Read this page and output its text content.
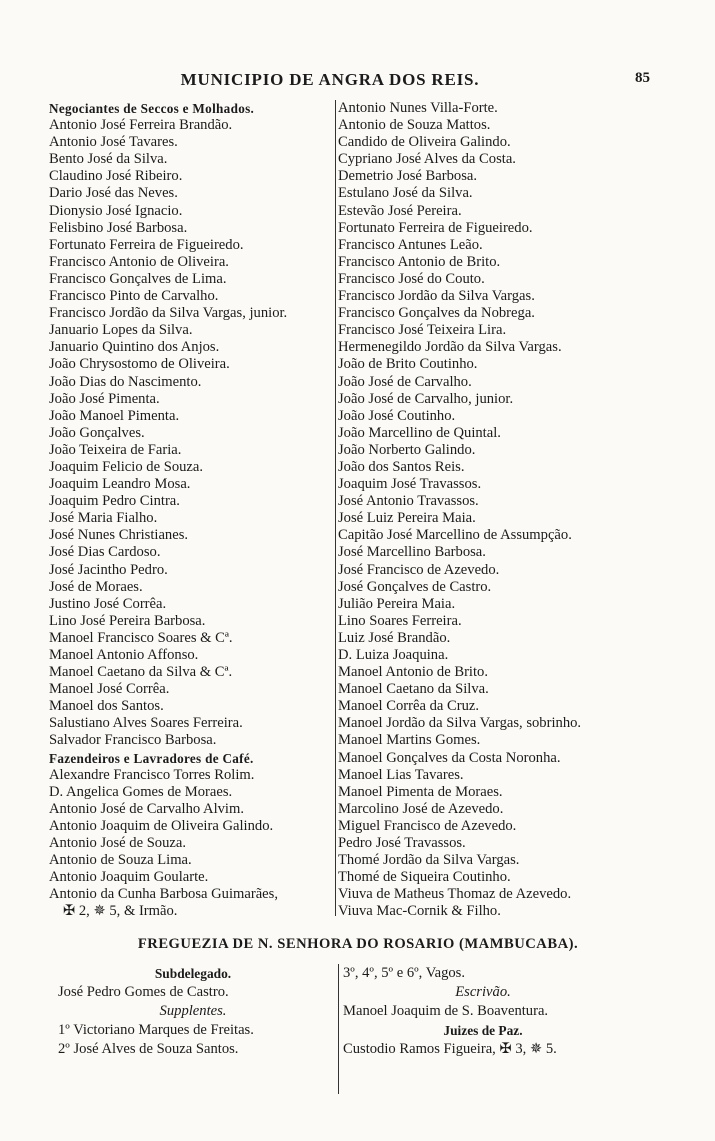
MUNICIPIO DE ANGRA DOS REIS.	85
Negociantes de Seccos e Molhados.
Antonio José Ferreira Brandão.
Antonio José Tavares.
Bento José da Silva.
Claudino José Ribeiro.
Dario José das Neves.
Dionysio José Ignacio.
Felisbino José Barbosa.
Fortunato Ferreira de Figueiredo.
Francisco Antonio de Oliveira.
Francisco Gonçalves de Lima.
Francisco Pinto de Carvalho.
Francisco Jordão da Silva Vargas, junior.
Januario Lopes da Silva.
Januario Quintino dos Anjos.
João Chrysostomo de Oliveira.
João Dias do Nascimento.
João José Pimenta.
João Manoel Pimenta.
João Gonçalves.
João Teixeira de Faria.
Joaquim Felicio de Souza.
Joaquim Leandro Mosa.
Joaquim Pedro Cintra.
José Maria Fialho.
José Nunes Christianes.
José Dias Cardoso.
José Jacintho Pedro.
José de Moraes.
Justino José Corrêa.
Lino José Pereira Barbosa.
Manoel Francisco Soares & Cª.
Manoel Antonio Affonso.
Manoel Caetano da Silva & Cª.
Manoel José Corrêa.
Manoel dos Santos.
Salustiano Alves Soares Ferreira.
Salvador Francisco Barbosa.
Fazendeiros e Lavradores de Café.
Alexandre Francisco Torres Rolim.
D. Angelica Gomes de Moraes.
Antonio José de Carvalho Alvim.
Antonio Joaquim de Oliveira Galindo.
Antonio José de Souza.
Antonio de Souza Lima.
Antonio Joaquim Goularte.
Antonio da Cunha Barbosa Guimarães,
✠ 2, ✵ 5, & Irmão.
Antonio Nunes Villa-Forte.
Antonio de Souza Mattos.
Candido de Oliveira Galindo.
Cypriano José Alves da Costa.
Demetrio José Barbosa.
Estulano José da Silva.
Estevão José Pereira.
Fortunato Ferreira de Figueiredo.
Francisco Antunes Leão.
Francisco Antonio de Brito.
Francisco José do Couto.
Francisco Jordão da Silva Vargas.
Francisco Gonçalves da Nobrega.
Francisco José Teixeira Lira.
Hermenegildo Jordão da Silva Vargas.
João de Brito Coutinho.
João José de Carvalho.
João José de Carvalho, junior.
João José Coutinho.
João Marcellino de Quintal.
João Norberto Galindo.
João dos Santos Reis.
Joaquim José Travassos.
José Antonio Travassos.
José Luiz Pereira Maia.
Capitão José Marcellino de Assumpção.
José Marcellino Barbosa.
José Francisco de Azevedo.
José Gonçalves de Castro.
Julião Pereira Maia.
Lino Soares Ferreira.
Luiz José Brandão.
D. Luiza Joaquina.
Manoel Antonio de Brito.
Manoel Caetano da Silva.
Manoel Corrêa da Cruz.
Manoel Jordão da Silva Vargas, sobrinho.
Manoel Martins Gomes.
Manoel Gonçalves da Costa Noronha.
Manoel Lias Tavares.
Manoel Pimenta de Moraes.
Marcolino José de Azevedo.
Miguel Francisco de Azevedo.
Pedro José Travassos.
Thomé Jordão da Silva Vargas.
Thomé de Siqueira Coutinho.
Viuva de Matheus Thomaz de Azevedo.
Viuva Mac-Cornik & Filho.
FREGUEZIA DE N. SENHORA DO ROSARIO (MAMBUCABA).
Subdelegado.
José Pedro Gomes de Castro.
Supplentes.
1º Victoriano Marques de Freitas.
2º José Alves de Souza Santos.
3º, 4º, 5º e 6º, Vagos.
Escrivão.
Manoel Joaquim de S. Boaventura.
Juizes de Paz.
Custodio Ramos Figueira, ✠ 3, ✵ 5.
